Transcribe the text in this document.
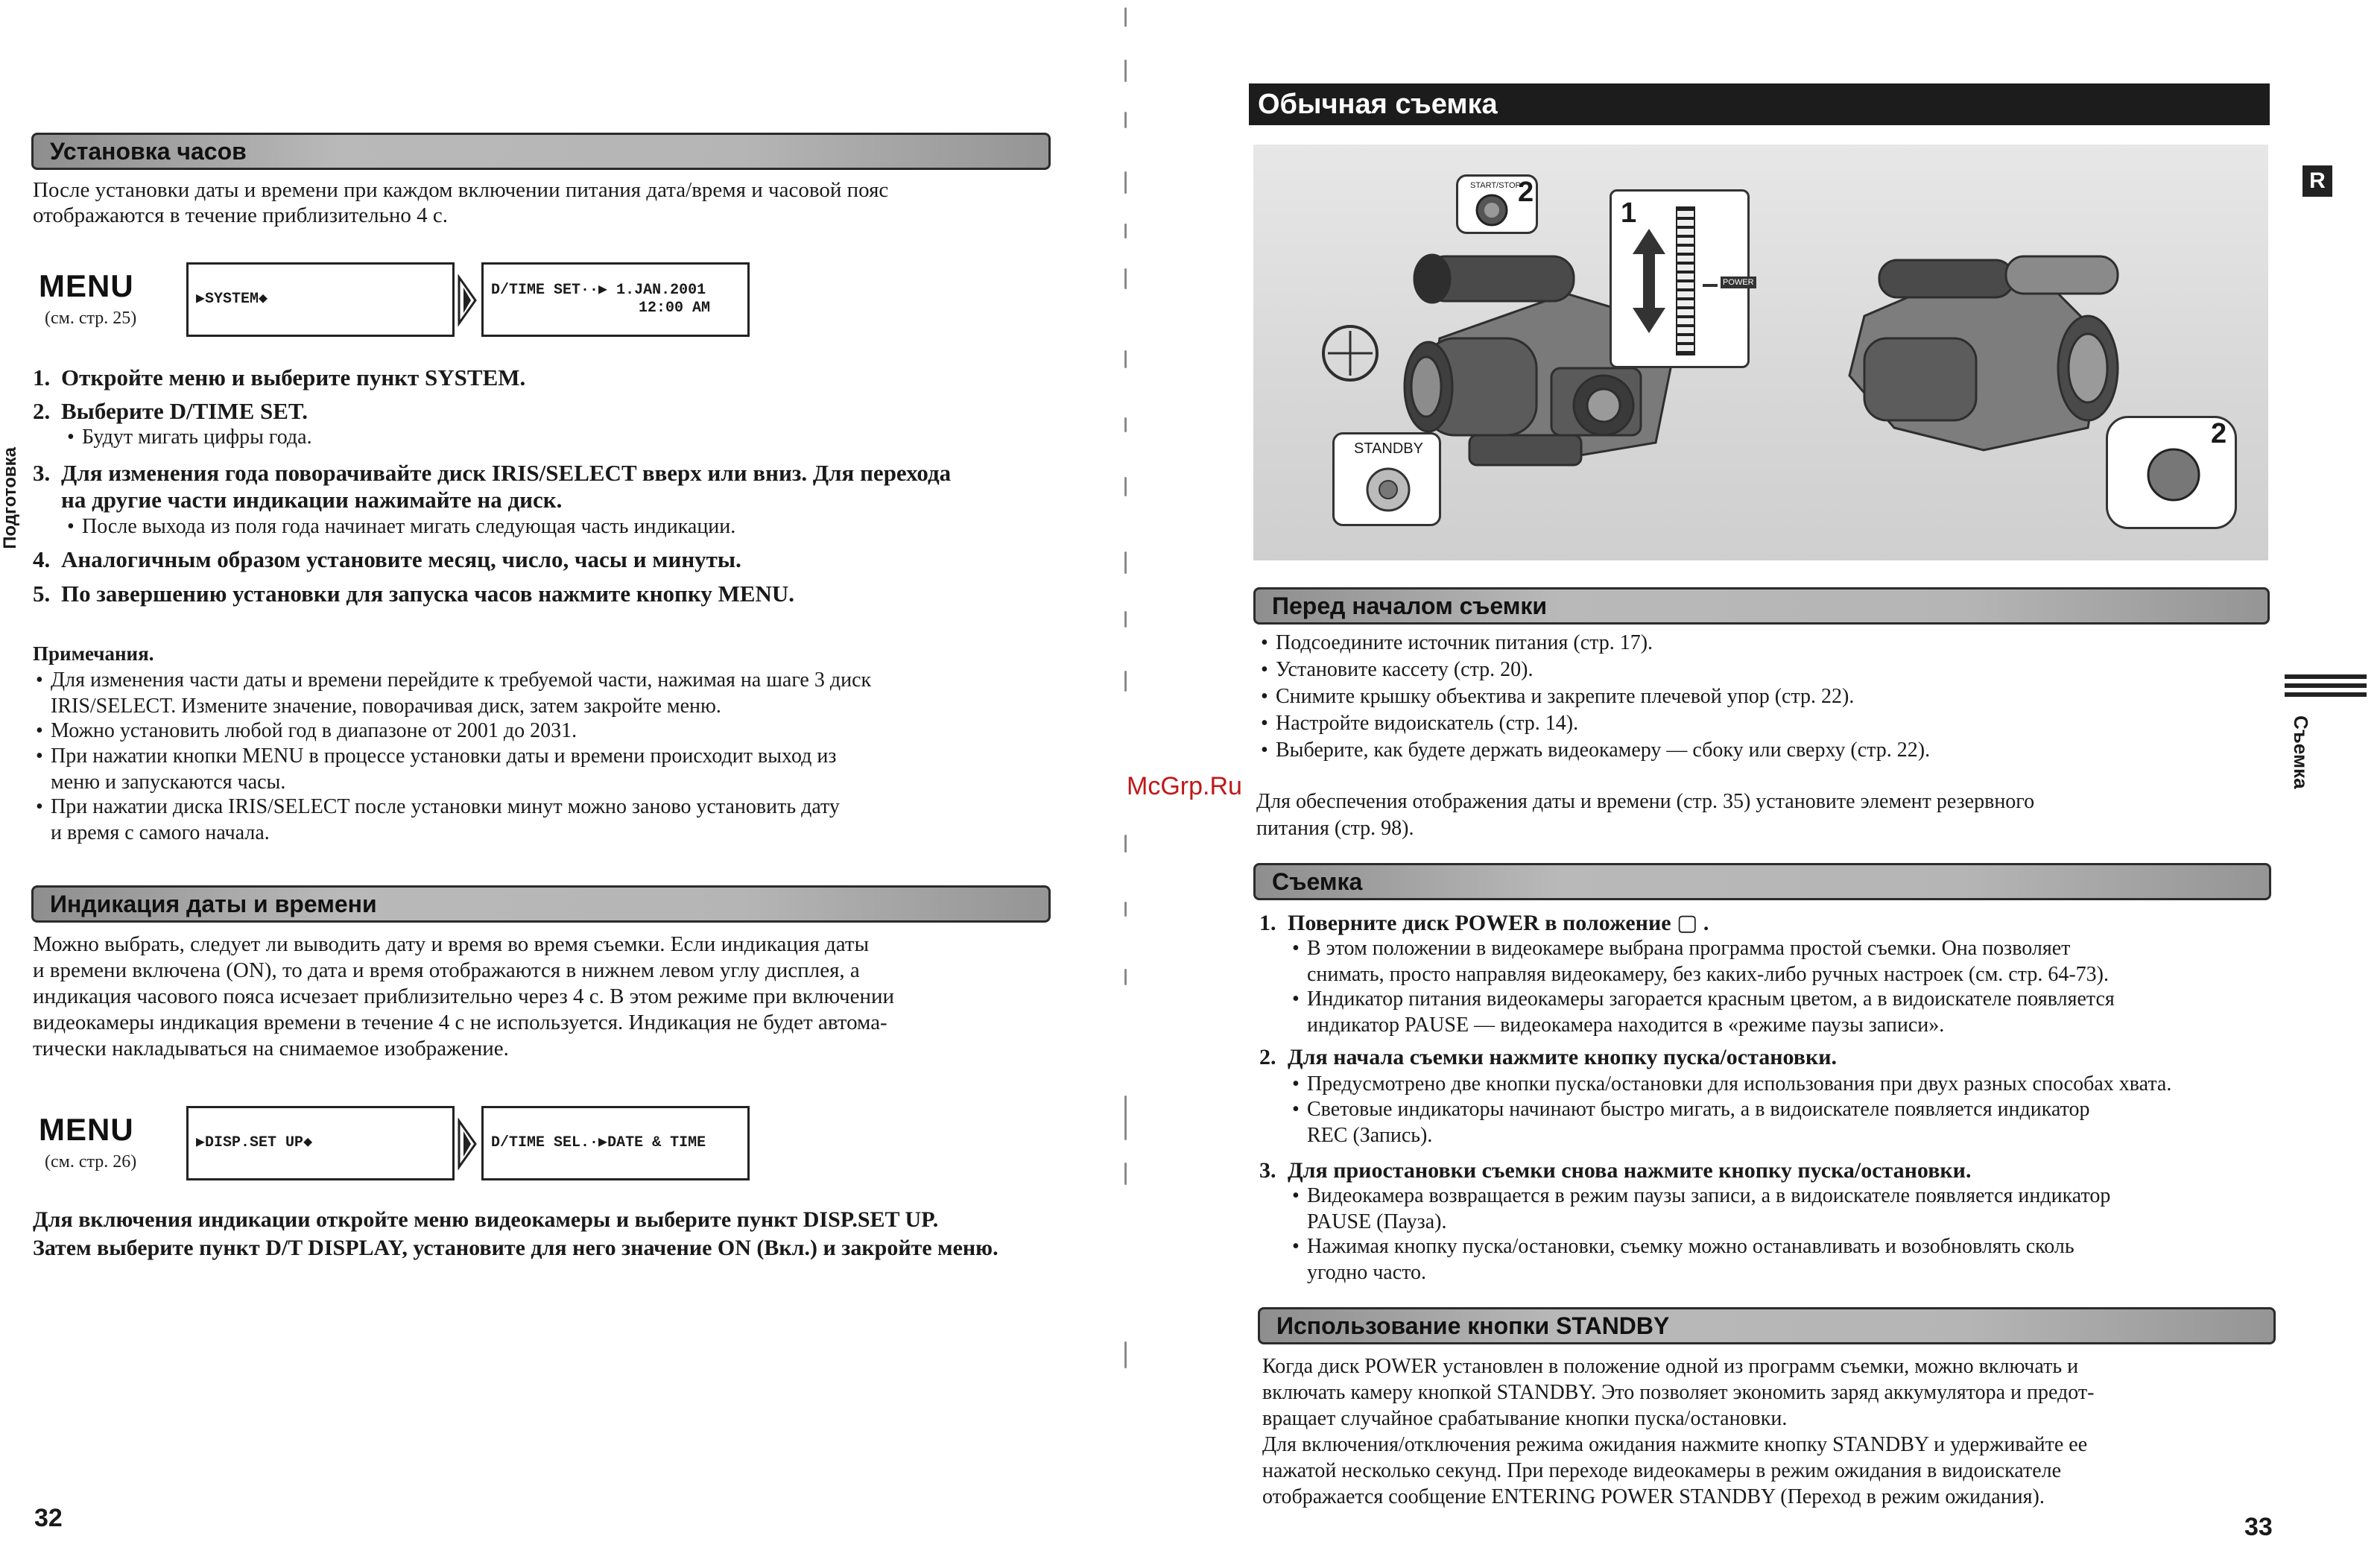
Установка часов
После установки даты и времени при каждом включении питания дата/время и часовой пояс
отображаются в течение приблизительно 4 с.
MENU
(см. стр. 25)
▶SYSTEM◆
D/TIME SET··▶ 1.JAN.2001
12:00 AM
1. Откройте меню и выберите пункт SYSTEM.
2. Выберите D/TIME SET.
• Будут мигать цифры года.
3. Для изменения года поворачивайте диск IRIS/SELECT вверх или вниз. Для перехода
на другие части индикации нажимайте на диск.
• После выхода из поля года начинает мигать следующая часть индикации.
4. Аналогичным образом установите месяц, число, часы и минуты.
5. По завершению установки для запуска часов нажмите кнопку MENU.
Примечания.
• Для изменения части даты и времени перейдите к требуемой части, нажимая на шаге 3 диск
IRIS/SELECT. Измените значение, поворачивая диск, затем закройте меню.
• Можно установить любой год в диапазоне от 2001 до 2031.
• При нажатии кнопки MENU в процессе установки даты и времени происходит выход из
меню и запускаются часы.
• При нажатии диска IRIS/SELECT после установки минут можно заново установить дату
и время с самого начала.
Индикация даты и времени
Можно выбрать, следует ли выводить дату и время во время съемки. Если индикация даты
и времени включена (ON), то дата и время отображаются в нижнем левом углу дисплея, а
индикация часового пояса исчезает приблизительно через 4 с. В этом режиме при включении
видеокамеры индикация времени в течение 4 с не используется. Индикация не будет автома-
тически накладываться на снимаемое изображение.
MENU
(см. стр. 26)
▶DISP.SET UP◆	D/TIME SEL.·▶DATE & TIME
Для включения индикации откройте меню видеокамеры и выберите пункт DISP.SET UP.
Затем выберите пункт D/T DISPLAY, установите для него значение ON (Вкл.) и закройте меню.
Подготовка
32
Обычная съемка
START/STOP
2
1
POWER
STANDBY	2
Перед началом съемки
• Подсоедините источник питания (стр. 17).
• Установите кассету (стр. 20).
• Снимите крышку объектива и закрепите плечевой упор (стр. 22).
• Настройте видоискатель (стр. 14).
• Выберите, как будете держать видеокамеру — сбоку или сверху (стр. 22).
Для обеспечения отображения даты и времени (стр. 35) установите элемент резервного
питания (стр. 98).
Съемка
1. Поверните диск POWER в положение ▢ .
• В этом положении в видеокамере выбрана программа простой съемки. Она позволяет
снимать, просто направляя видеокамеру, без каких-либо ручных настроек (см. стр. 64-73).
• Индикатор питания видеокамеры загорается красным цветом, а в видоискателе появляется
индикатор PAUSE — видеокамера находится в «режиме паузы записи».
2. Для начала съемки нажмите кнопку пуска/остановки.
• Предусмотрено две кнопки пуска/остановки для использования при двух разных способах хвата.
• Световые индикаторы начинают быстро мигать, а в видоискателе появляется индикатор
REC (Запись).
3. Для приостановки съемки снова нажмите кнопку пуска/остановки.
• Видеокамера возвращается в режим паузы записи, а в видоискателе появляется индикатор
PAUSE (Пауза).
• Нажимая кнопку пуска/остановки, съемку можно останавливать и возобновлять сколь
угодно часто.
Использование кнопки STANDBY
Когда диск POWER установлен в положение одной из программ съемки, можно включать и
включать камеру кнопкой STANDBY. Это позволяет экономить заряд аккумулятора и предот-
вращает случайное срабатывание кнопки пуска/остановки.
Для включения/отключения режима ожидания нажмите кнопку STANDBY и удерживайте ее
нажатой несколько секунд. При переходе видеокамеры в режим ожидания в видоискателе
отображается сообщение ENTERING POWER STANDBY (Переход в режим ожидания).
R
Съемка
33
McGrp.Ru
